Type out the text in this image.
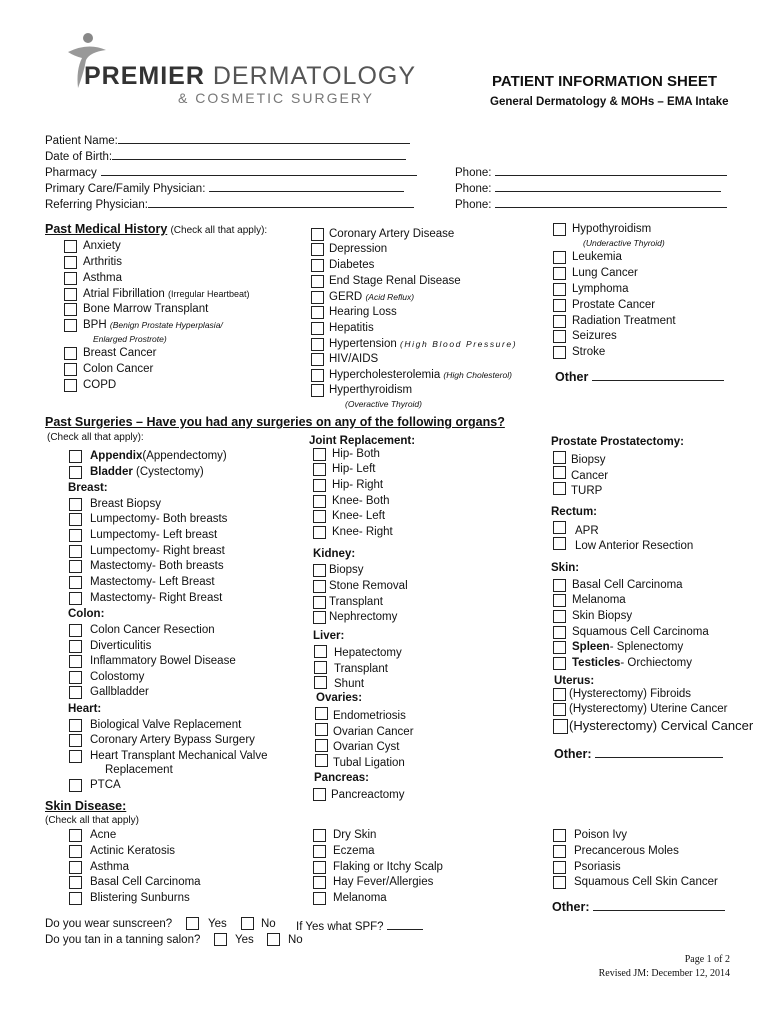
PREMIER DERMATOLOGY
& COSMETIC SURGERY
PATIENT INFORMATION SHEET
General Dermatology & MOHs – EMA Intake
Patient Name:
Date of Birth:
Pharmacy
Primary Care/Family Physician:
Referring Physician:
Phone:
Phone:
Phone:
Past Medical History (Check all that apply):
Anxiety
Arthritis
Asthma
Atrial Fibrillation (Irregular Heartbeat)
Bone Marrow Transplant
BPH (Benign Prostate Hyperplasia/
Enlarged Prostrote)
Breast Cancer
Colon Cancer
COPD
Coronary Artery Disease
Depression
Diabetes
End Stage Renal Disease
GERD (Acid Reflux)
Hearing Loss
Hepatitis
Hypertension (High Blood Pressure)
HIV/AIDS
Hypercholesterolemia (High Cholesterol)
Hyperthyroidism
(Overactive Thyroid)
Hypothyroidism
(Underactive Thyroid)
Leukemia
Lung Cancer
Lymphoma
Prostate Cancer
Radiation Treatment
Seizures
Stroke
Other
Past Surgeries – Have you had any surgeries on any of the following organs?
(Check all that apply):
Appendix(Appendectomy)
Bladder (Cystectomy)
Breast:
Breast Biopsy
Lumpectomy- Both breasts
Lumpectomy- Left breast
Lumpectomy- Right breast
Mastectomy- Both breasts
Mastectomy- Left Breast
Mastectomy- Right Breast
Colon:
Colon Cancer Resection
Diverticulitis
Inflammatory Bowel Disease
Colostomy
Gallbladder
Heart:
Biological Valve Replacement
Coronary Artery Bypass Surgery
Heart Transplant Mechanical Valve
Replacement
PTCA
Joint Replacement:
Hip- Both
Hip- Left
Hip- Right
Knee- Both
Knee- Left
Knee- Right
Kidney:
Biopsy
Stone Removal
Transplant
Nephrectomy
Liver:
Hepatectomy
Transplant
Shunt
Ovaries:
Endometriosis
Ovarian Cancer
Ovarian Cyst
Tubal Ligation
Pancreas:
Pancreactomy
Prostate Prostatectomy:
Biopsy
Cancer
TURP
Rectum:
APR
Low Anterior Resection
Skin:
Basal Cell Carcinoma
Melanoma
Skin Biopsy
Squamous Cell Carcinoma
Spleen- Splenectomy
Testicles- Orchiectomy
Uterus:
(Hysterectomy) Fibroids
(Hysterectomy) Uterine Cancer
(Hysterectomy) Cervical Cancer
Other:
Skin Disease:
(Check all that apply)
Acne
Actinic Keratosis
Asthma
Basal Cell Carcinoma
Blistering Sunburns
Dry Skin
Eczema
Flaking or Itchy Scalp
Hay Fever/Allergies
Melanoma
Poison Ivy
Precancerous Moles
Psoriasis
Squamous Cell Skin Cancer
Other:
Do you wear sunscreen?	Yes	No If Yes what SPF?
Do you tan in a tanning salon?	Yes	No
Page 1 of 2
Revised JM: December 12, 2014
